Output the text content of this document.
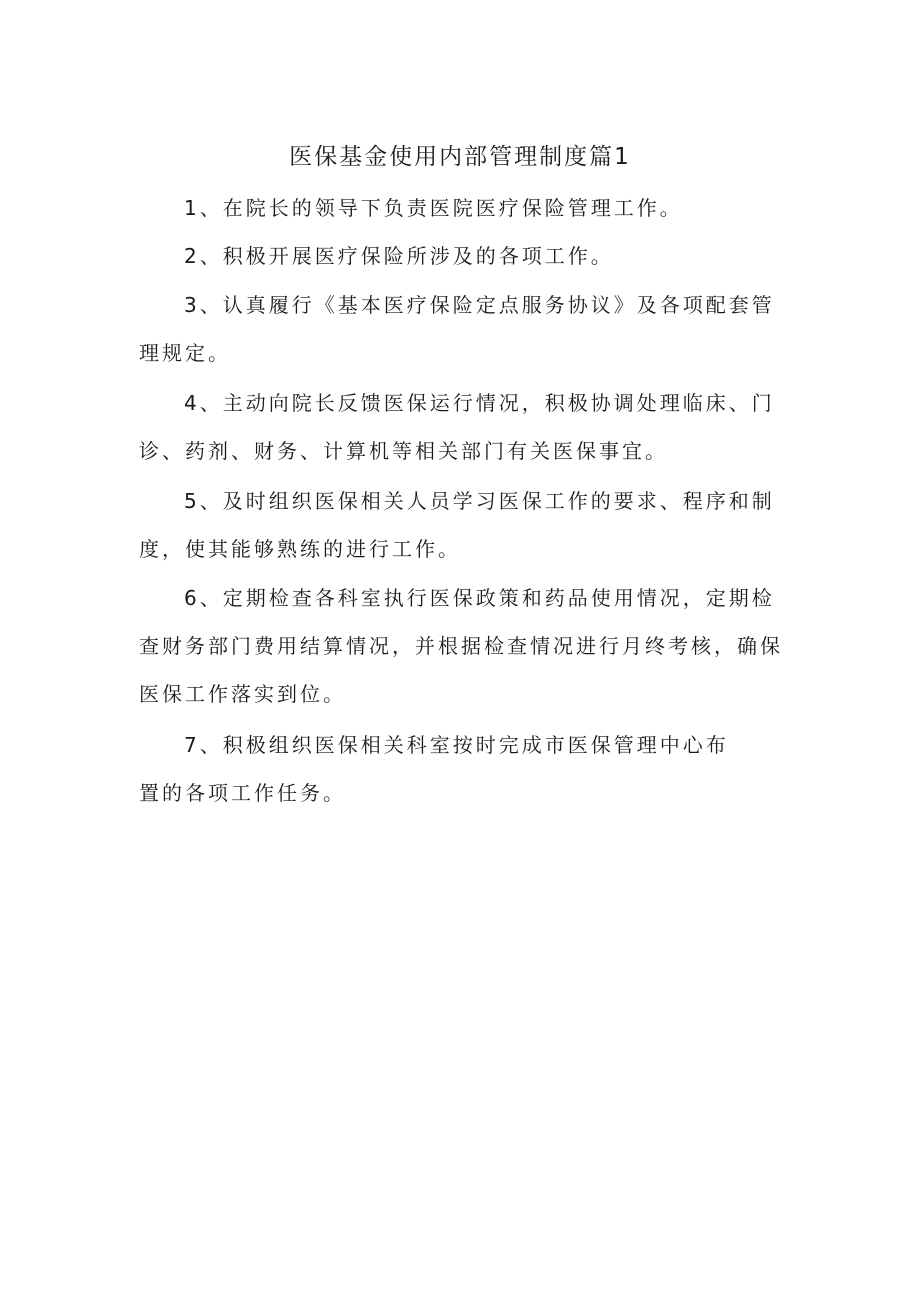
医保基金使用内部管理制度篇1

1、在院长的领导下负责医院医疗保险管理工作。

2、积极开展医疗保险所涉及的各项工作。

3、认真履行《基本医疗保险定点服务协议》及各项配套管
理规定。

4、主动向院长反馈医保运行情况，积极协调处理临床、门
诊、药剂、财务、计算机等相关部门有关医保事宜。

5、及时组织医保相关人员学习医保工作的要求、程序和制
度，使其能够熟练的进行工作。

6、定期检查各科室执行医保政策和药品使用情况，定期检
查财务部门费用结算情况，并根据检查情况进行月终考核，确保
医保工作落实到位。

7、积极组织医保相关科室按时完成市医保管理中心布
置的各项工作任务。
